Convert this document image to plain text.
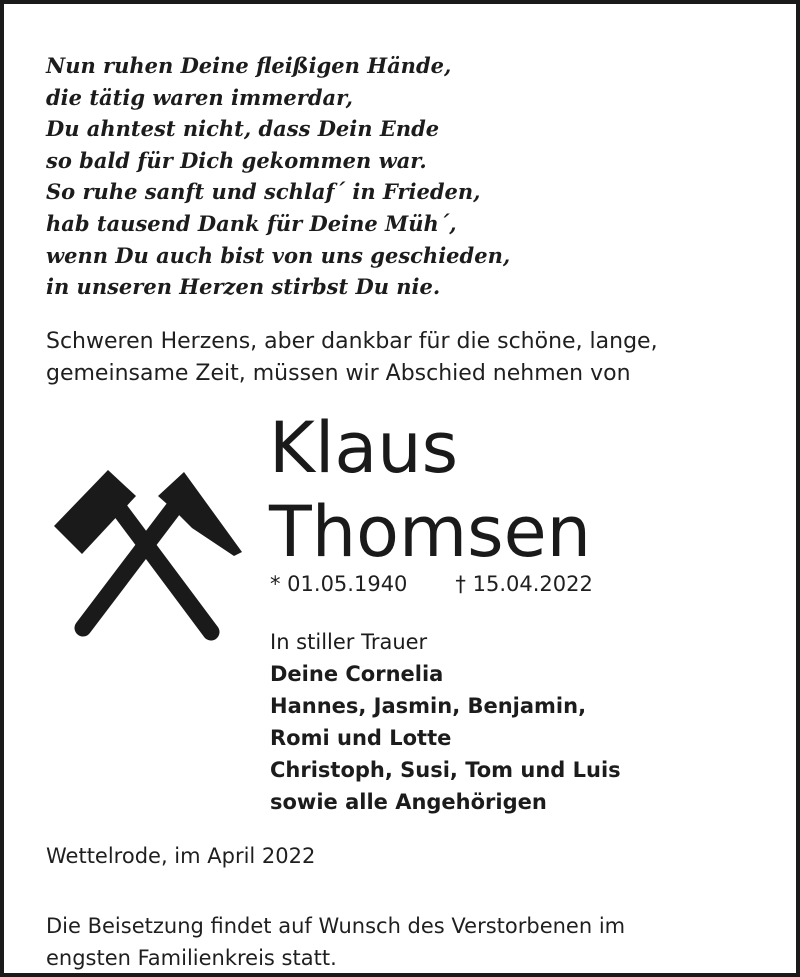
Nun ruhen Deine fleißigen Hände,
die tätig waren immerdar,
Du ahntest nicht, dass Dein Ende
so bald für Dich gekommen war.
So ruhe sanft und schlaf´ in Frieden,
hab tausend Dank für Deine Müh´,
wenn Du auch bist von uns geschieden,
in unseren Herzen stirbst Du nie.

Schweren Herzens, aber dankbar für die schöne, lange,
gemeinsame Zeit, müssen wir Abschied nehmen von

Klaus
Thomsen
* 01.05.1940 † 15.04.2022
In stiller Trauer
Deine Cornelia
Hannes, Jasmin, Benjamin,
Romi und Lotte
Christoph, Susi, Tom und Luis
sowie alle Angehörigen
Wettelrode, im April 2022

Die Beisetzung findet auf Wunsch des Verstorbenen im
engsten Familienkreis statt.
